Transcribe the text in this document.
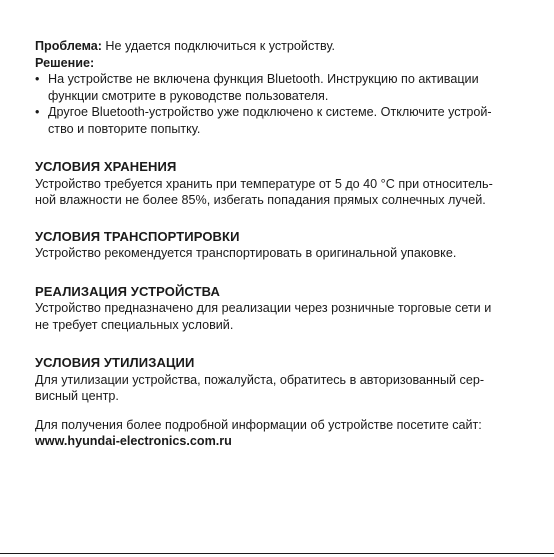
Проблема: Не удается подключиться к устройству.
Решение:
• На устройстве не включена функция Bluetooth. Инструкцию по активации
функции смотрите в руководстве пользователя.
• Другое Bluetooth-устройство уже подключено к системе. Отключите устрой-
ство и повторите попытку.
УСЛОВИЯ ХРАНЕНИЯ
Устройство требуется хранить при температуре от 5 до 40 °С при относитель-
ной влажности не более 85%, избегать попадания прямых солнечных лучей.
УСЛОВИЯ ТРАНСПОРТИРОВКИ
Устройство рекомендуется транспортировать в оригинальной упаковке.
РЕАЛИЗАЦИЯ УСТРОЙСТВА
Устройство предназначено для реализации через розничные торговые сети и
не требует специальных условий.
УСЛОВИЯ УТИЛИЗАЦИИ
Для утилизации устройства, пожалуйста, обратитесь в авторизованный сер-
висный центр.
Для получения более подробной информации об устройстве посетите сайт:
www.hyundai-electronics.com.ru
